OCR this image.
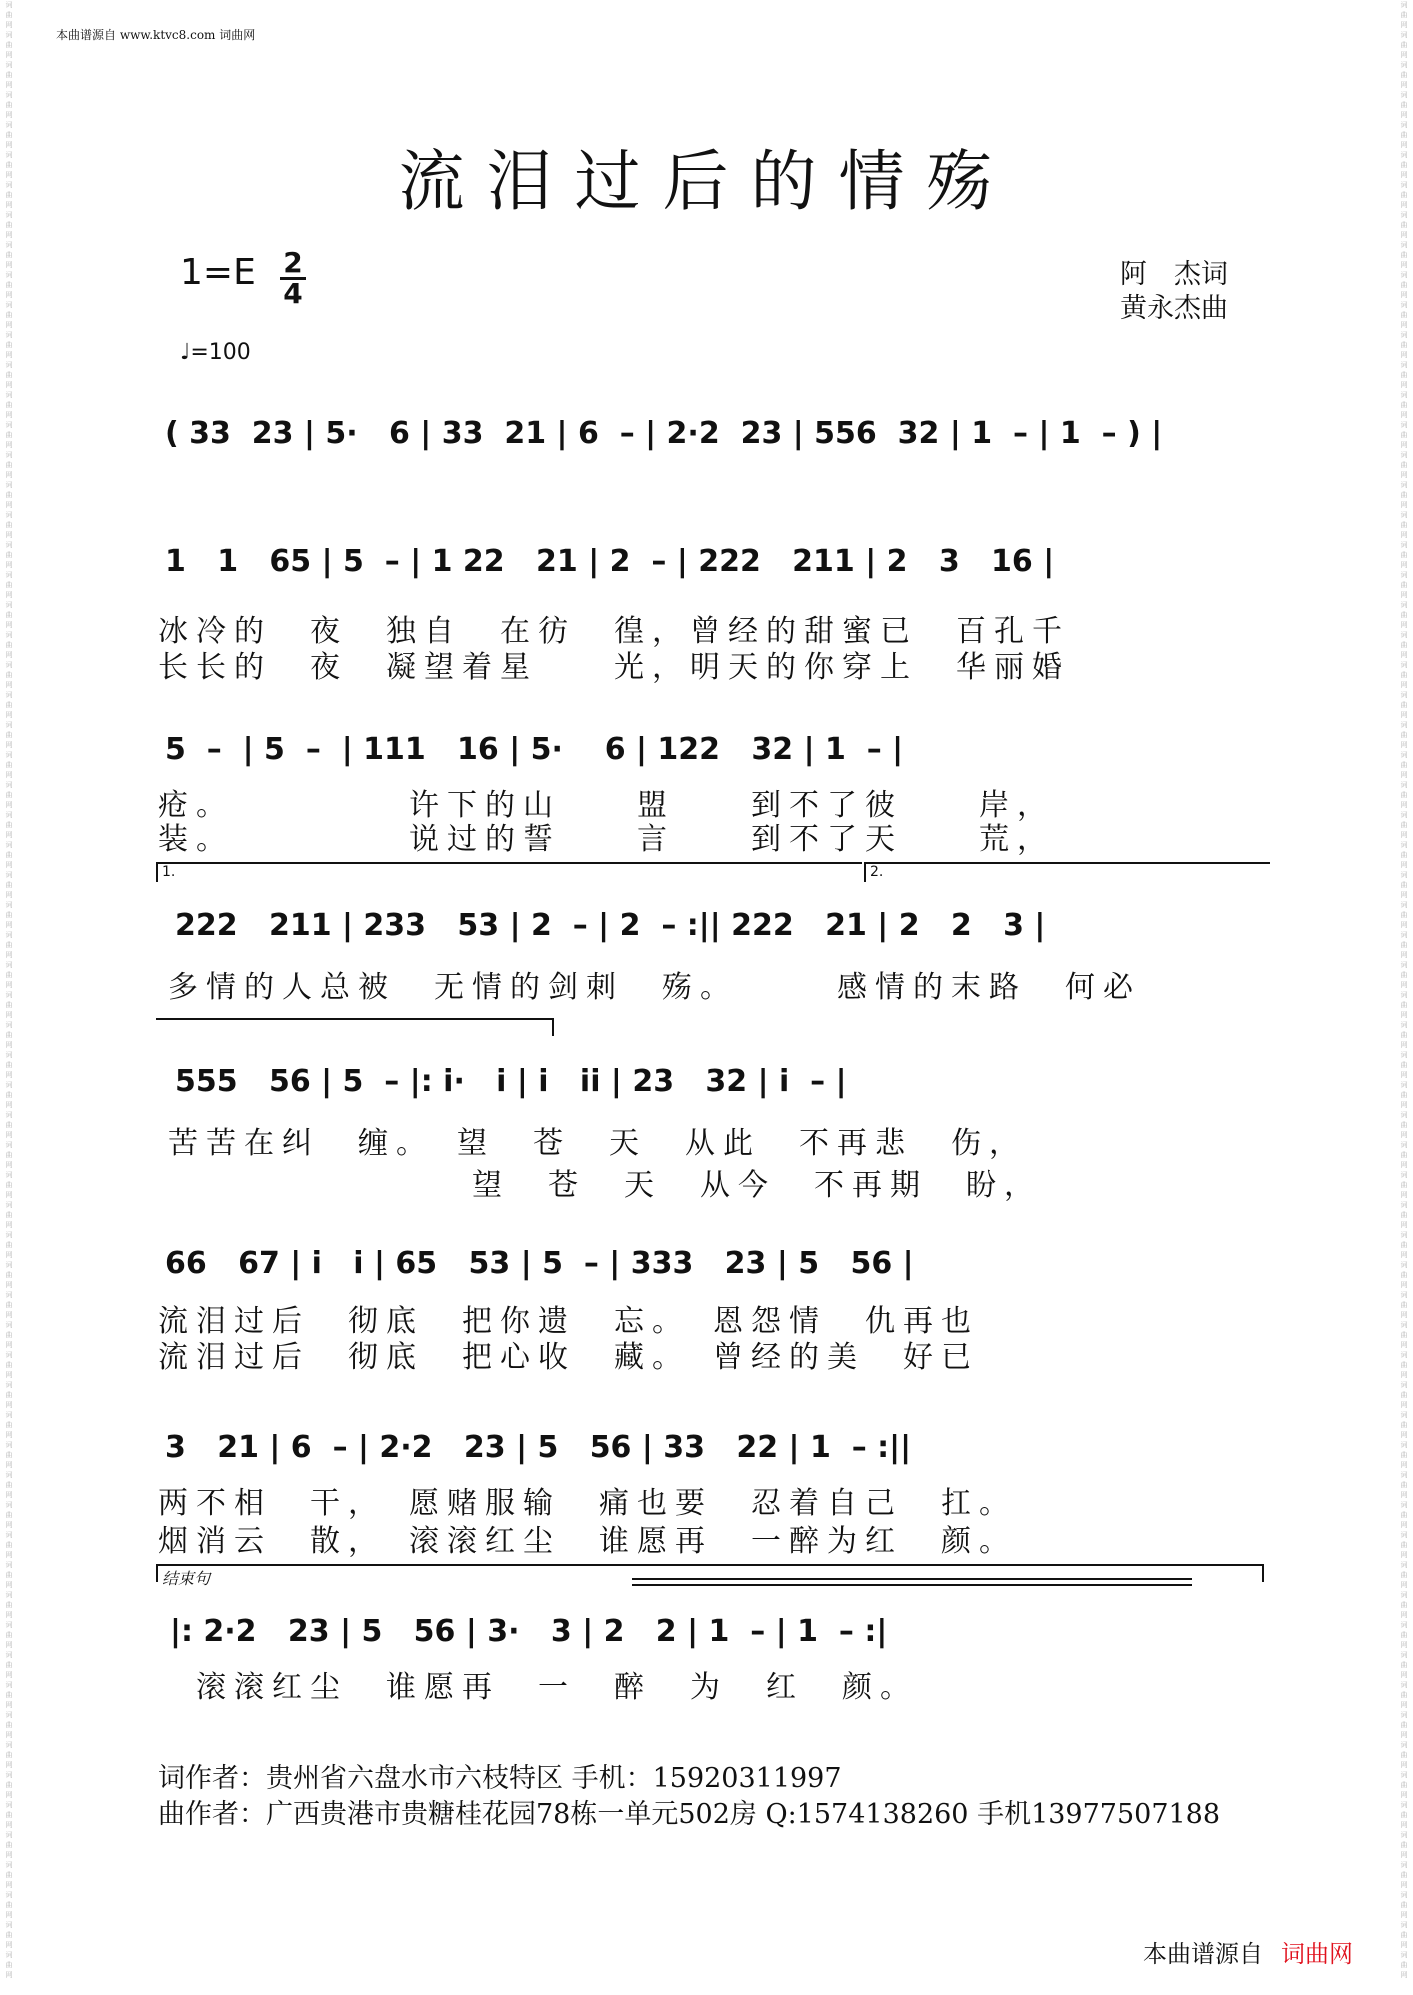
词
曲
网
词
曲
网
词
曲
网
词
曲
网
词
曲
网
词
曲
网
词
曲
网
词
曲
网
词
曲
网
词
曲
网
词
曲
网
词
曲
网
词
曲
网
词
曲
网
词
曲
网
词
曲
网
词
曲
网
词
曲
网
词
曲
网
词
曲
网
词
曲
网
词
曲
网
词
曲
网
词
曲
网
词
曲
网
词
曲
网
词
曲
网
词
曲
网
词
曲
网
词
曲
网
词
曲
网
词
曲
网
词
曲
网
词
曲
网
词
曲
网
词
曲
网
词
曲
网
词
曲
网
词
曲
网
词
曲
网
词
曲
网
词
曲
网
词
曲
网
词
曲
网
词
曲
网
词
曲
网
词
曲
网
词
曲
网
词
曲
网
词
曲
网
词
曲
网
词
曲
网
词
曲
网
词
曲
网
词
曲
网
词
曲
网
词
曲
网
词
曲
网
词
曲
网
词
曲
网
词
曲
网
词
曲
网
词
曲
网
词
曲
网
词
曲
网
词
曲
网
词
曲
网
词
曲
网
词
曲
网
词
曲
网
词
曲
网
词
曲
网
词
曲
网
词
曲
网
词
曲
网
词
曲
网
词
曲
网
词
曲
网
词
曲
网
词
曲
网
词
曲
网
词
曲
网
词
曲
网
词
曲
网
词
曲
网
词
曲
网
词
曲
网
词
曲
网
词
曲
网
词
曲
网
词
曲
网
词
曲
网
词
曲
网
词
曲
网
词
曲
网
词
曲
网
词
曲
网
词
曲
网
词
曲
网
词
曲
网
词
曲
网
词
曲
网
词
曲
网
词
曲
网
词
曲
网
词
曲
网
词
曲
网
词
曲
网
词
曲
网
词
曲
网
词
曲
网
词
曲
网
词
曲
网
词
曲
网
词
曲
网
词
曲
网
词
曲
网
词
曲
网
词
曲
网
词
曲
网
词
曲
网
词
曲
网
词
曲
网
词
曲
网
词
曲
网
词
曲
网
词
曲
网
词
曲
网
词
曲
网
词
曲
网
词
曲
网
词
曲
网
本曲谱源自 www.ktvc8.com 词曲网
流泪过后的情殇
1=E 2
4
♩=100
阿　杰词
黄永杰曲
( 33  23 | 5·   6 | 33  21 | 6  – | 2·2  23 | 556  32 | 1  – | 1  – ) |
1   1   65 | 5  – | 1 22   21 | 2  – | 222   211 | 2   3   16 |
冰冷的　夜　独自　在彷　徨，曾经的甜蜜已　百孔千
长长的　夜　凝望着星　　光，明天的你穿上　华丽婚
5  –  | 5  –  | 111   16 | 5·    6 | 122   32 | 1  – |
疮。　　　　　许下的山　　盟　　到不了彼　　岸，
装。　　　　　说过的誓　　言　　到不了天　　荒，
1.	2.
222   211 | 233   53 | 2  – | 2  – :|| 222   21 | 2   2   3 |
多情的人总被　无情的剑刺　殇。　　　感情的末路　何必
555   56 | 5  – |: i·   i | i   ii | 23   32 | i  – |
苦苦在纠　缠。　望　苍　天　从此　不再悲　伤，
　　　　　　　　望　苍　天　从今　不再期　盼，
66   67 | i   i | 65   53 | 5  – | 333   23 | 5   56 |
流泪过后　彻底　把你遗　忘。　恩怨情　仇再也
流泪过后　彻底　把心收　藏。　曾经的美　好已
3   21 | 6  – | 2·2   23 | 5   56 | 33   22 | 1  – :||
两不相　干，　愿赌服输　痛也要　忍着自己　扛。
烟消云　散，　滚滚红尘　谁愿再　一醉为红　颜。
结束句
|: 2·2   23 | 5   56 | 3·   3 | 2   2 | 1  – | 1  – :|
滚滚红尘　谁愿再　一　醉　为　红　颜。
词作者：贵州省六盘水市六枝特区 手机：15920311997
曲作者：广西贵港市贵糖桂花园78栋一单元502房 Q:1574138260 手机13977507188
本曲谱源自 词曲网
